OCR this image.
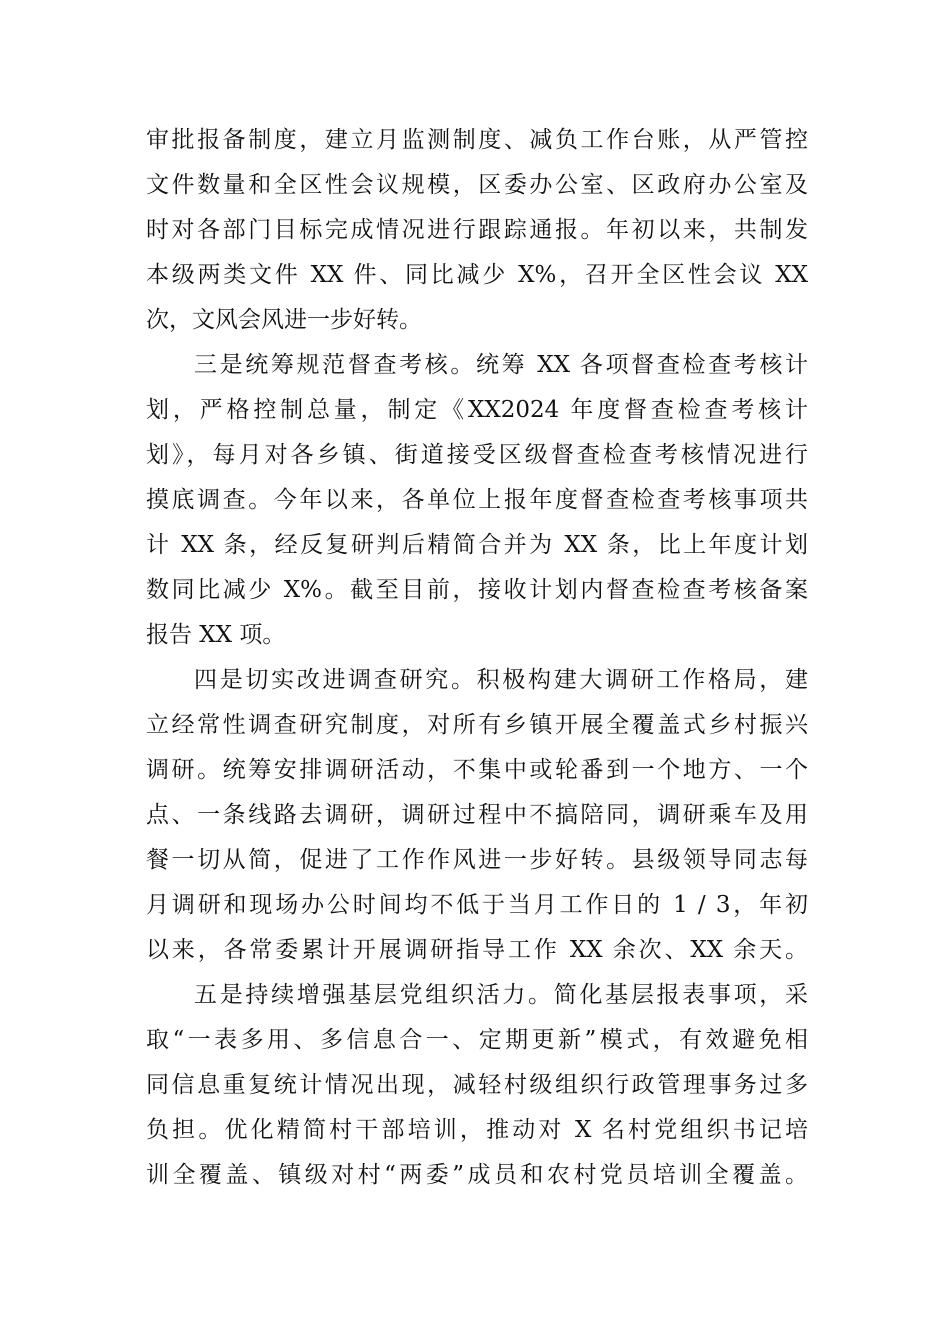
审批报备制度，建立月监测制度、减负工作台账，从严管控
文件数量和全区性会议规模，区委办公室、区政府办公室及
时对各部门目标完成情况进行跟踪通报。年初以来，共制发
本级两类文件 XX 件、同比减少 X%，召开全区性会议 XX
次，文风会风进一步好转。
三是统筹规范督查考核。统筹 XX 各项督查检查考核计
划，严格控制总量，制定《XX2024 年度督查检查考核计
划》，每月对各乡镇、街道接受区级督查检查考核情况进行
摸底调查。今年以来，各单位上报年度督查检查考核事项共
计 XX 条，经反复研判后精简合并为 XX 条，比上年度计划
数同比减少 X%。截至目前，接收计划内督查检查考核备案
报告 XX 项。
四是切实改进调查研究。积极构建大调研工作格局，建
立经常性调查研究制度，对所有乡镇开展全覆盖式乡村振兴
调研。统筹安排调研活动，不集中或轮番到一个地方、一个
点、一条线路去调研，调研过程中不搞陪同，调研乘车及用
餐一切从简，促进了工作作风进一步好转。县级领导同志每
月调研和现场办公时间均不低于当月工作日的 1 / 3，年初
以来，各常委累计开展调研指导工作 XX 余次、XX 余天。
五是持续增强基层党组织活力。简化基层报表事项，采
取“一表多用、多信息合一、定期更新”模式，有效避免相
同信息重复统计情况出现，减轻村级组织行政管理事务过多
负担。优化精简村干部培训，推动对 X 名村党组织书记培
训全覆盖、镇级对村“两委”成员和农村党员培训全覆盖。
